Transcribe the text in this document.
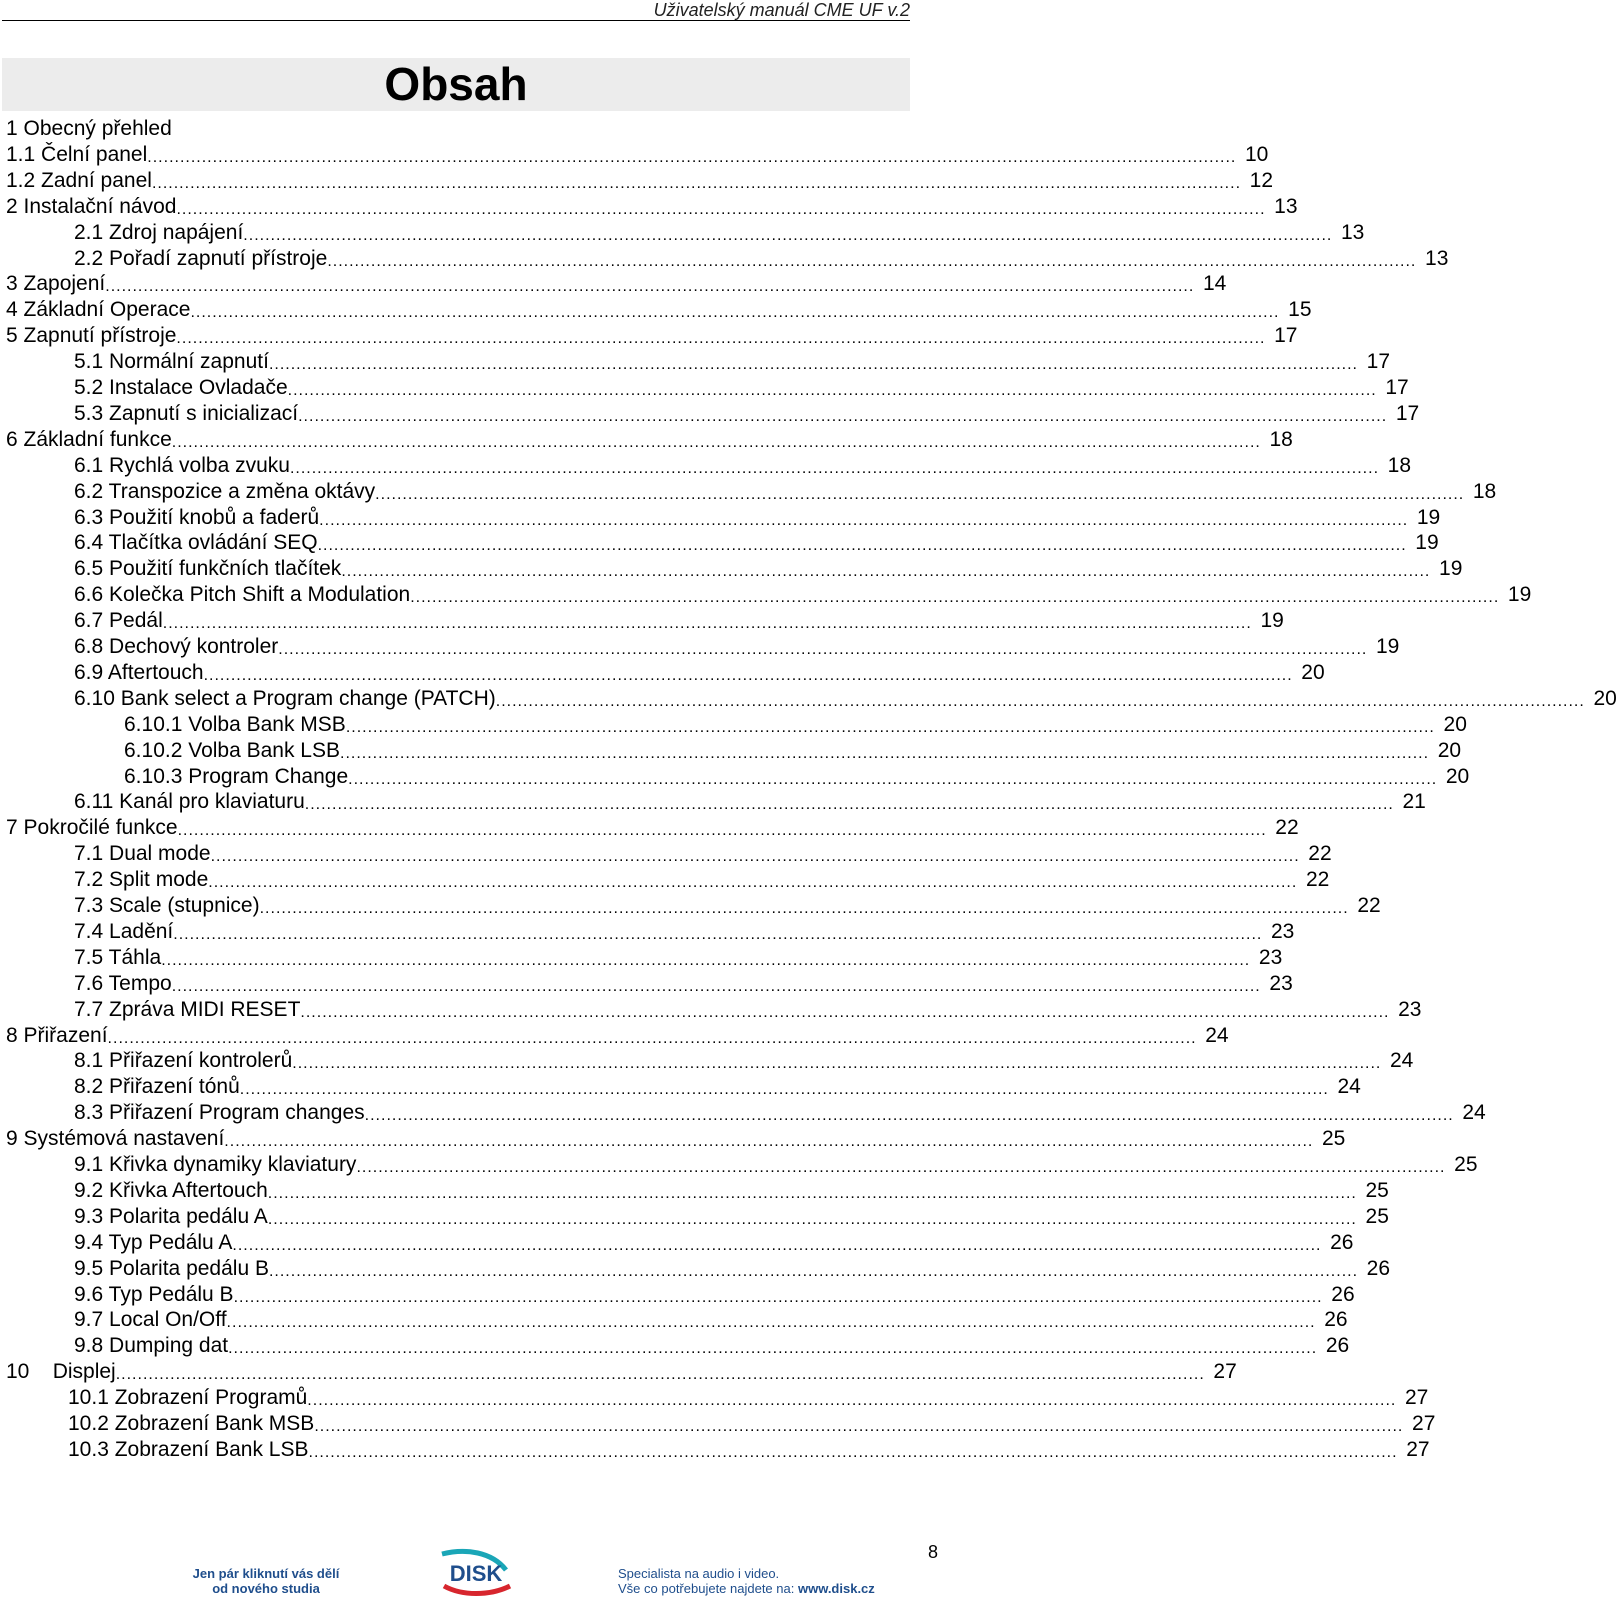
Uživatelský manuál CME UF v.2
Obsah
1 Obecný přehled
1.1 Čelní panel ........................................................................................................................................................................................................ 10
1.2 Zadní panel ........................................................................................................................................................................................................ 12
2 Instalační návod ........................................................................................................................................................................................................ 13
2.1 Zdroj napájení ........................................................................................................................................................................................................ 13
2.2 Pořadí zapnutí přístroje ........................................................................................................................................................................................................ 13
3 Zapojení ........................................................................................................................................................................................................ 14
4 Základní Operace ........................................................................................................................................................................................................ 15
5 Zapnutí přístroje ........................................................................................................................................................................................................ 17
5.1 Normální zapnutí ........................................................................................................................................................................................................ 17
5.2 Instalace Ovladače ........................................................................................................................................................................................................ 17
5.3 Zapnutí s inicializací ........................................................................................................................................................................................................ 17
6 Základní funkce ........................................................................................................................................................................................................ 18
6.1 Rychlá volba zvuku ........................................................................................................................................................................................................ 18
6.2 Transpozice a změna oktávy ........................................................................................................................................................................................................ 18
6.3 Použití knobů a faderů ........................................................................................................................................................................................................ 19
6.4 Tlačítka ovládání SEQ ........................................................................................................................................................................................................ 19
6.5 Použití funkčních tlačítek ........................................................................................................................................................................................................ 19
6.6 Kolečka Pitch Shift a Modulation ........................................................................................................................................................................................................ 19
6.7 Pedál ........................................................................................................................................................................................................ 19
6.8 Dechový kontroler ........................................................................................................................................................................................................ 19
6.9 Aftertouch ........................................................................................................................................................................................................ 20
6.10 Bank select a Program change (PATCH) ........................................................................................................................................................................................................ 20
6.10.1 Volba Bank MSB ........................................................................................................................................................................................................ 20
6.10.2 Volba Bank LSB ........................................................................................................................................................................................................ 20
6.10.3 Program Change ........................................................................................................................................................................................................ 20
6.11 Kanál pro klaviaturu ........................................................................................................................................................................................................ 21
7 Pokročilé funkce ........................................................................................................................................................................................................ 22
7.1 Dual mode ........................................................................................................................................................................................................ 22
7.2 Split mode ........................................................................................................................................................................................................ 22
7.3 Scale (stupnice) ........................................................................................................................................................................................................ 22
7.4 Ladění ........................................................................................................................................................................................................ 23
7.5 Táhla ........................................................................................................................................................................................................ 23
7.6 Tempo ........................................................................................................................................................................................................ 23
7.7 Zpráva MIDI RESET ........................................................................................................................................................................................................ 23
8 Přiřazení ........................................................................................................................................................................................................ 24
8.1 Přiřazení kontrolerů ........................................................................................................................................................................................................ 24
8.2 Přiřazení tónů ........................................................................................................................................................................................................ 24
8.3 Přiřazení Program changes ........................................................................................................................................................................................................ 24
9 Systémová nastavení ........................................................................................................................................................................................................ 25
9.1 Křivka dynamiky klaviatury ........................................................................................................................................................................................................ 25
9.2 Křivka Aftertouch ........................................................................................................................................................................................................ 25
9.3 Polarita pedálu A ........................................................................................................................................................................................................ 25
9.4 Typ Pedálu A ........................................................................................................................................................................................................ 26
9.5 Polarita pedálu B ........................................................................................................................................................................................................ 26
9.6 Typ Pedálu B ........................................................................................................................................................................................................ 26
9.7 Local On/Off ........................................................................................................................................................................................................ 26
9.8 Dumping dat ........................................................................................................................................................................................................ 26
10    Displej ........................................................................................................................................................................................................ 27
10.1 Zobrazení Programů ........................................................................................................................................................................................................ 27
10.2 Zobrazení Bank MSB ........................................................................................................................................................................................................ 27
10.3 Zobrazení Bank LSB ........................................................................................................................................................................................................ 27
8
Jen pár kliknutí vás dělí
od nového studia
DISK	Specialista na audio i video.
Vše co potřebujete najdete na: www.disk.cz
